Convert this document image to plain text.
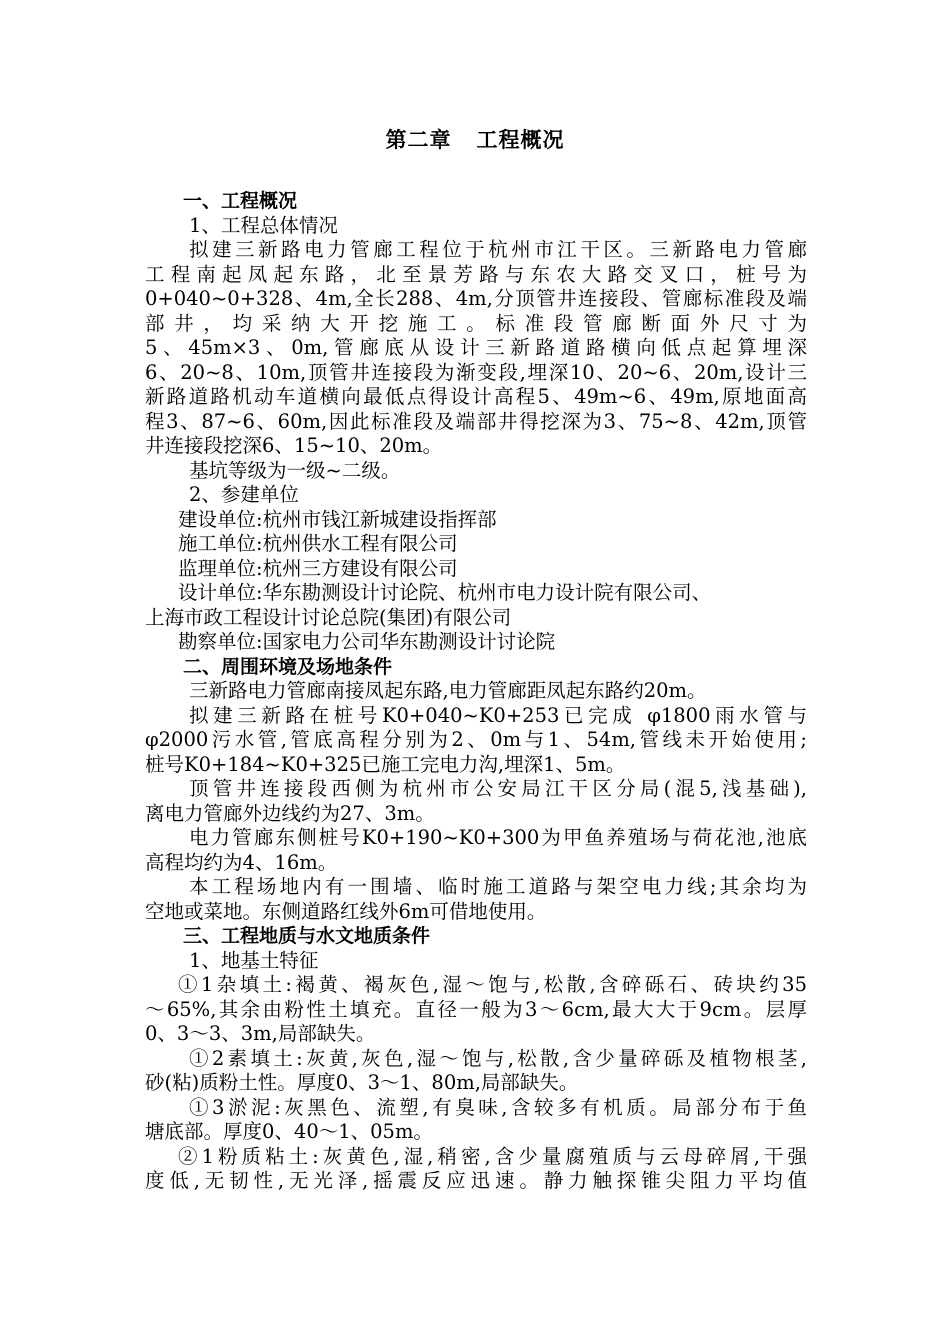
第二章   工程概况
一、工程概况
1、工程总体情况
拟建三新路电力管廊工程位于杭州市江干区。三新路电力管廊
工程南起凤起东路，北至景芳路与东农大路交叉口，桩号为
0+040~0+328、4m,全长288、4m,分顶管井连接段、管廊标准段及端
部井，均采纳大开挖施工。标准段管廊断面外尺寸为
5、45m×3、0m,管廊底从设计三新路道路横向低点起算埋深
6、20~8、10m,顶管井连接段为渐变段,埋深10、20~6、20m,设计三
新路道路机动车道横向最低点得设计高程5、49m~6、49m,原地面高
程3、87~6、60m,因此标准段及端部井得挖深为3、75~8、42m,顶管
井连接段挖深6、15~10、20m。
基坑等级为一级~二级。
2、参建单位
建设单位:杭州市钱江新城建设指挥部
施工单位:杭州供水工程有限公司
监理单位:杭州三方建设有限公司
设计单位:华东勘测设计讨论院、杭州市电力设计院有限公司、
上海市政工程设计讨论总院(集团)有限公司
勘察单位:国家电力公司华东勘测设计讨论院
二、周围环境及场地条件
三新路电力管廊南接凤起东路,电力管廊距凤起东路约20m。
拟建三新路在桩号K0+040~K0+253已完成 φ1800雨水管与
φ2000污水管,管底高程分别为2、0m与1、54m,管线未开始使用;
桩号K0+184~K0+325已施工完电力沟,埋深1、5m。
顶管井连接段西侧为杭州市公安局江干区分局(混5,浅基础),
离电力管廊外边线约为27、3m。
电力管廊东侧桩号K0+190~K0+300为甲鱼养殖场与荷花池,池底
高程均约为4、16m。
本工程场地内有一围墙、临时施工道路与架空电力线;其余均为
空地或菜地。东侧道路红线外6m可借地使用。
三、工程地质与水文地质条件
1、地基土特征
①1杂填土:褐黄、褐灰色,湿～饱与,松散,含碎砾石、砖块约35
～65%,其余由粉性土填充。直径一般为3～6cm,最大大于9cm。层厚
0、3～3、3m,局部缺失。
①2素填土:灰黄,灰色,湿～饱与,松散,含少量碎砾及植物根茎,
砂(粘)质粉土性。厚度0、3～1、80m,局部缺失。
①3淤泥:灰黑色、流塑,有臭味,含较多有机质。局部分布于鱼
塘底部。厚度0、40～1、05m。
②1粉质粘土:灰黄色,湿,稍密,含少量腐殖质与云母碎屑,干强
度低,无韧性,无光泽,摇震反应迅速。静力触探锥尖阻力平均值
